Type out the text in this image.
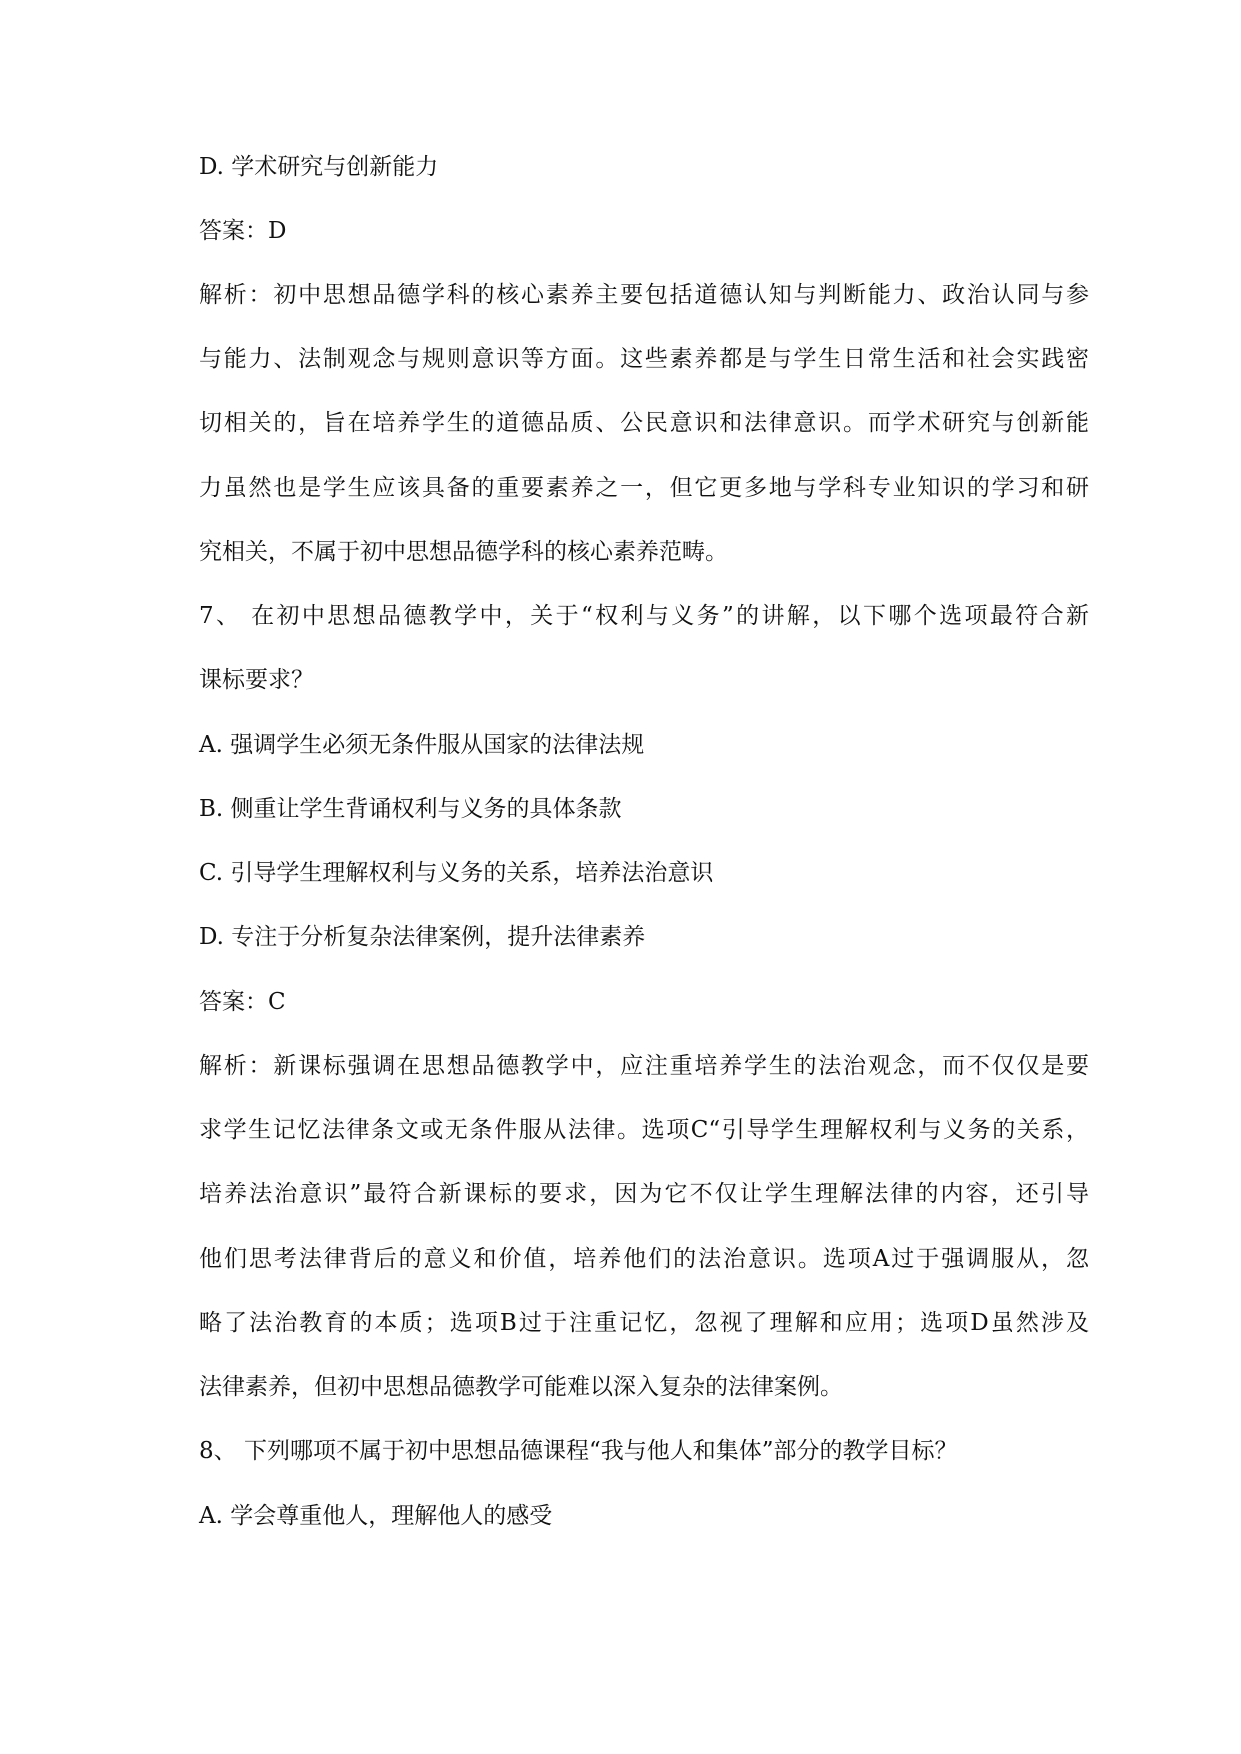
D. 学术研究与创新能力
答案：D
解析：初中思想品德学科的核心素养主要包括道德认知与判断能力、政治认同与参
与能力、法制观念与规则意识等方面。这些素养都是与学生日常生活和社会实践密
切相关的，旨在培养学生的道德品质、公民意识和法律意识。而学术研究与创新能
力虽然也是学生应该具备的重要素养之一，但它更多地与学科专业知识的学习和研
究相关，不属于初中思想品德学科的核心素养范畴。
7、 在初中思想品德教学中，关于“权利与义务”的讲解，以下哪个选项最符合新
课标要求？
A. 强调学生必须无条件服从国家的法律法规
B. 侧重让学生背诵权利与义务的具体条款
C. 引导学生理解权利与义务的关系，培养法治意识
D. 专注于分析复杂法律案例，提升法律素养
答案：C
解析：新课标强调在思想品德教学中，应注重培养学生的法治观念，而不仅仅是要
求学生记忆法律条文或无条件服从法律。选项C“引导学生理解权利与义务的关系，
培养法治意识”最符合新课标的要求，因为它不仅让学生理解法律的内容，还引导
他们思考法律背后的意义和价值，培养他们的法治意识。选项A过于强调服从，忽
略了法治教育的本质；选项B过于注重记忆，忽视了理解和应用；选项D虽然涉及
法律素养，但初中思想品德教学可能难以深入复杂的法律案例。
8、 下列哪项不属于初中思想品德课程“我与他人和集体”部分的教学目标？
A. 学会尊重他人，理解他人的感受
